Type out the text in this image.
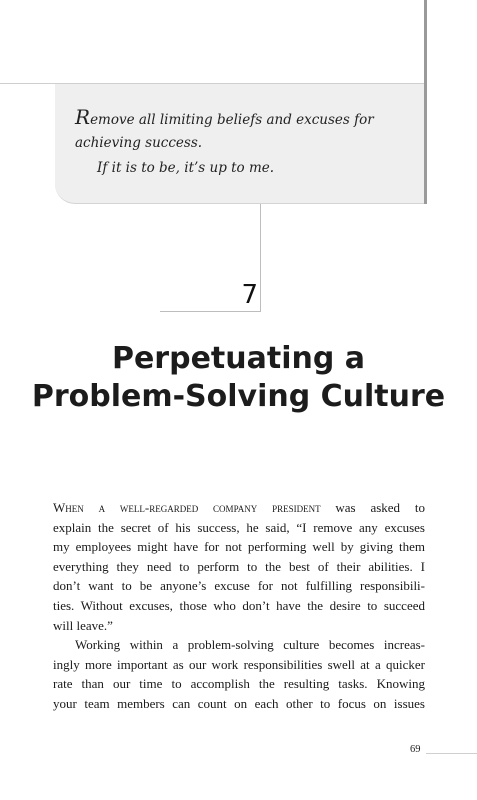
Remove all limiting beliefs and excuses for
achieving success.
If it is to be, it’s up to me.
7
Perpetuating a
Problem-Solving Culture
When a well-regarded company president was asked to
explain the secret of his success, he said, “I remove any excuses
my employees might have for not performing well by giving them
everything they need to perform to the best of their abilities. I
don’t want to be anyone’s excuse for not fulfilling responsibili-
ties. Without excuses, those who don’t have the desire to succeed
will leave.”
Working within a problem-solving culture becomes increas-
ingly more important as our work responsibilities swell at a quicker
rate than our time to accomplish the resulting tasks. Knowing
your team members can count on each other to focus on issues
69
